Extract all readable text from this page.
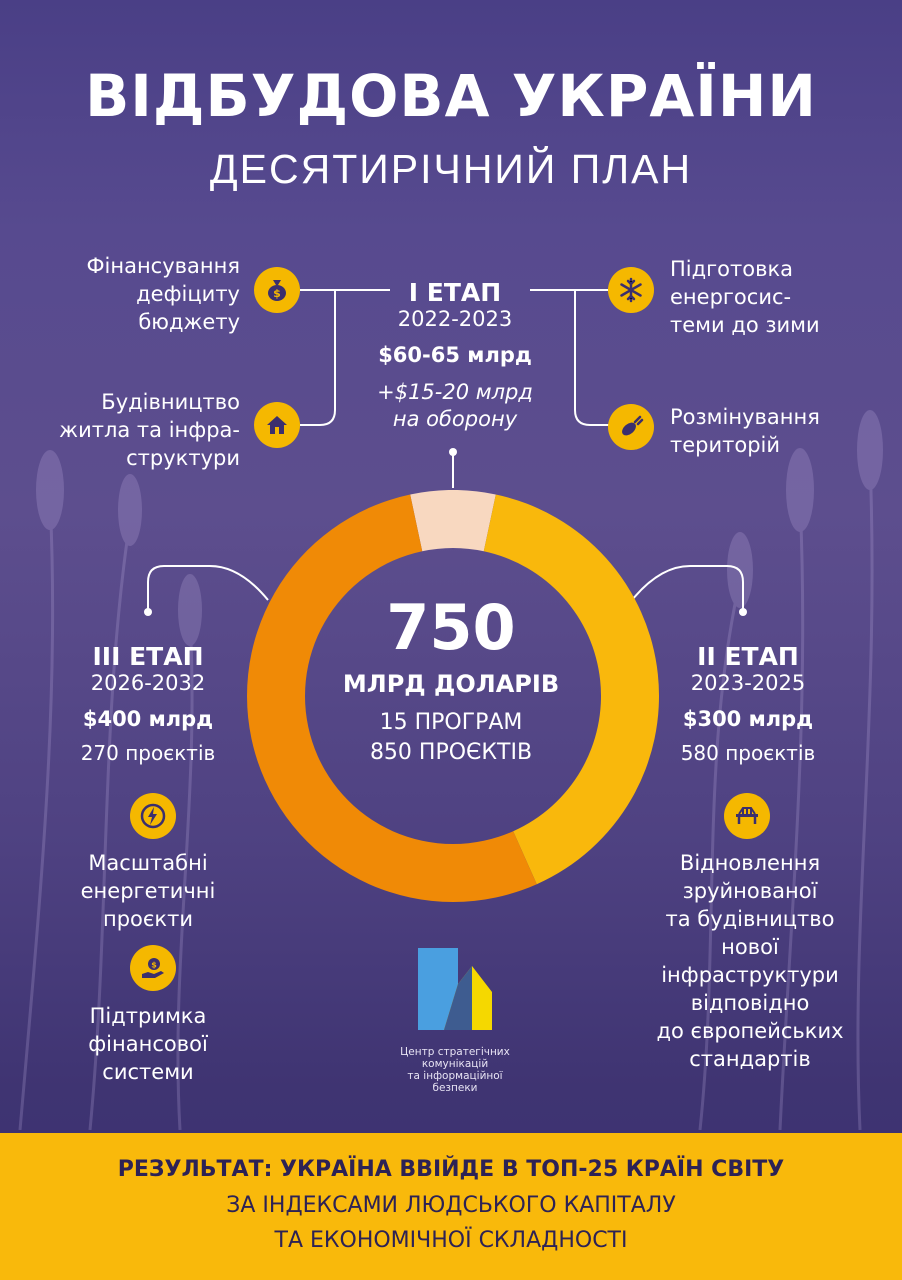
ВІДБУДОВА УКРАЇНИ
ДЕСЯТИРІЧНИЙ ПЛАН
Фінансування
дефіциту
бюджету
$
Будівництво
житла та інфра-
структури
І ЕТАП
2022-2023
$60-65 млрд
+$15-20 млрд
на оборону
Підготовка
енергосис-
теми до зими
Розмінування
територій
750
МЛРД ДОЛАРІВ
15 ПРОГРАМ
850 ПРОЄКТІВ
ІІІ ЕТАП
2026-2032
$400 млрд
270 проєктів
Масштабні
енергетичні
проєкти
$
Підтримка
фінансової
системи
ІІ ЕТАП
2023-2025
$300 млрд
580 проєктів
Відновлення
зруйнованої
та будівництво
нової
інфраструктури
відповідно
до європейських
стандартів
Центр стратегічних
комунікацій
та інформаційної
безпеки
РЕЗУЛЬТАТ: УКРАЇНА ВВІЙДЕ В ТОП-25 КРАЇН СВІТУ
ЗА ІНДЕКСАМИ ЛЮДСЬКОГО КАПІТАЛУ
ТА ЕКОНОМІЧНОЇ СКЛАДНОСТІ
